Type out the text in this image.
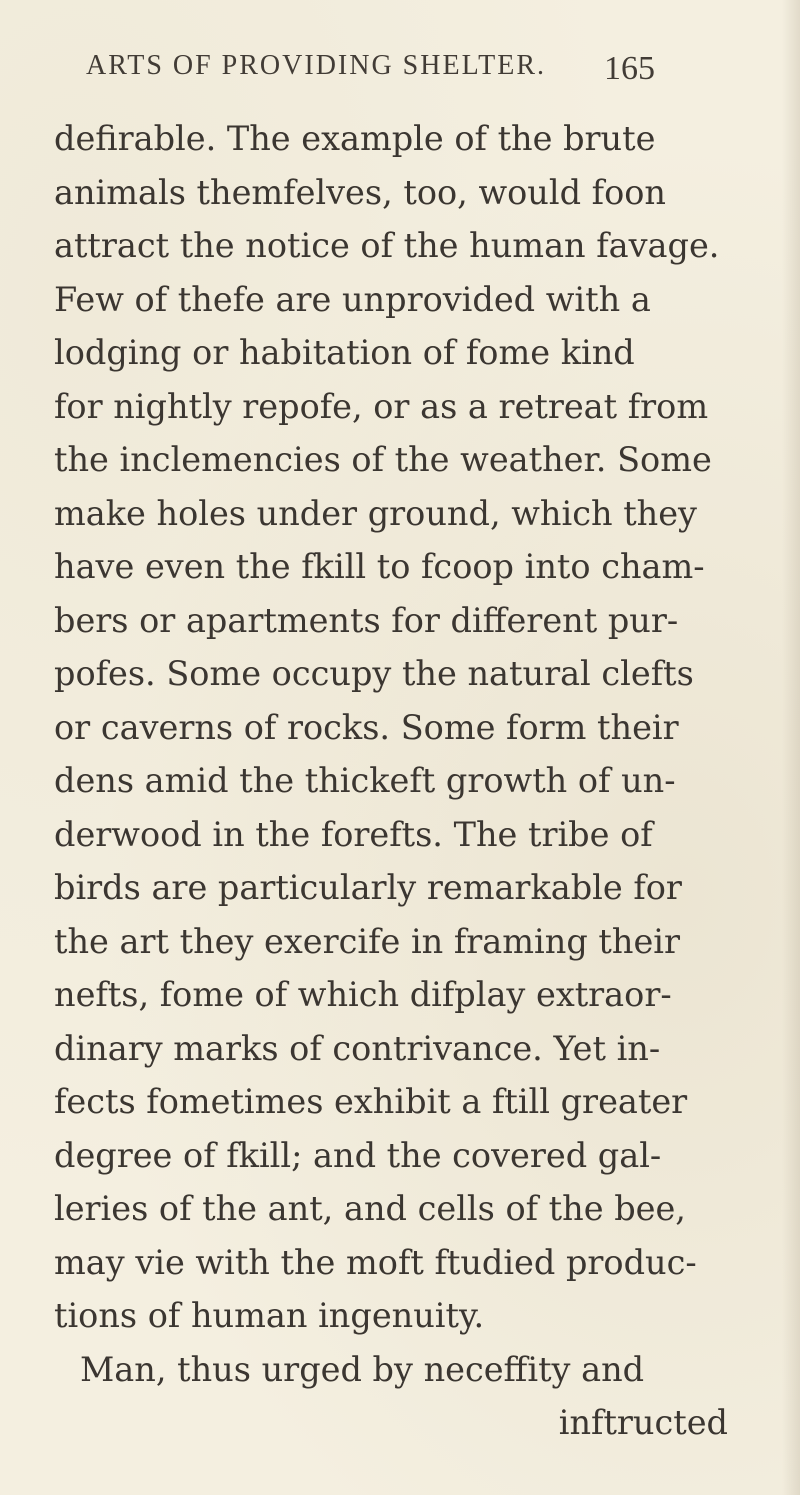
ARTS OF PROVIDING SHELTER. 165
defirable. The example of the brute
animals themfelves, too, would foon
attract the notice of the human favage.
Few of thefe are unprovided with a
lodging or habitation of fome kind
for nightly repofe, or as a retreat from
the inclemencies of the weather. Some
make holes under ground, which they
have even the fkill to fcoop into cham-
bers or apartments for different pur-
pofes. Some occupy the natural clefts
or caverns of rocks. Some form their
dens amid the thickeft growth of un-
derwood in the forefts. The tribe of
birds are particularly remarkable for
the art they exercife in framing their
nefts, fome of which difplay extraor-
dinary marks of contrivance. Yet in-
fects fometimes exhibit a ftill greater
degree of fkill; and the covered gal-
leries of the ant, and cells of the bee,
may vie with the moft ftudied produc-
tions of human ingenuity.
Man, thus urged by neceffity and
inftructed
